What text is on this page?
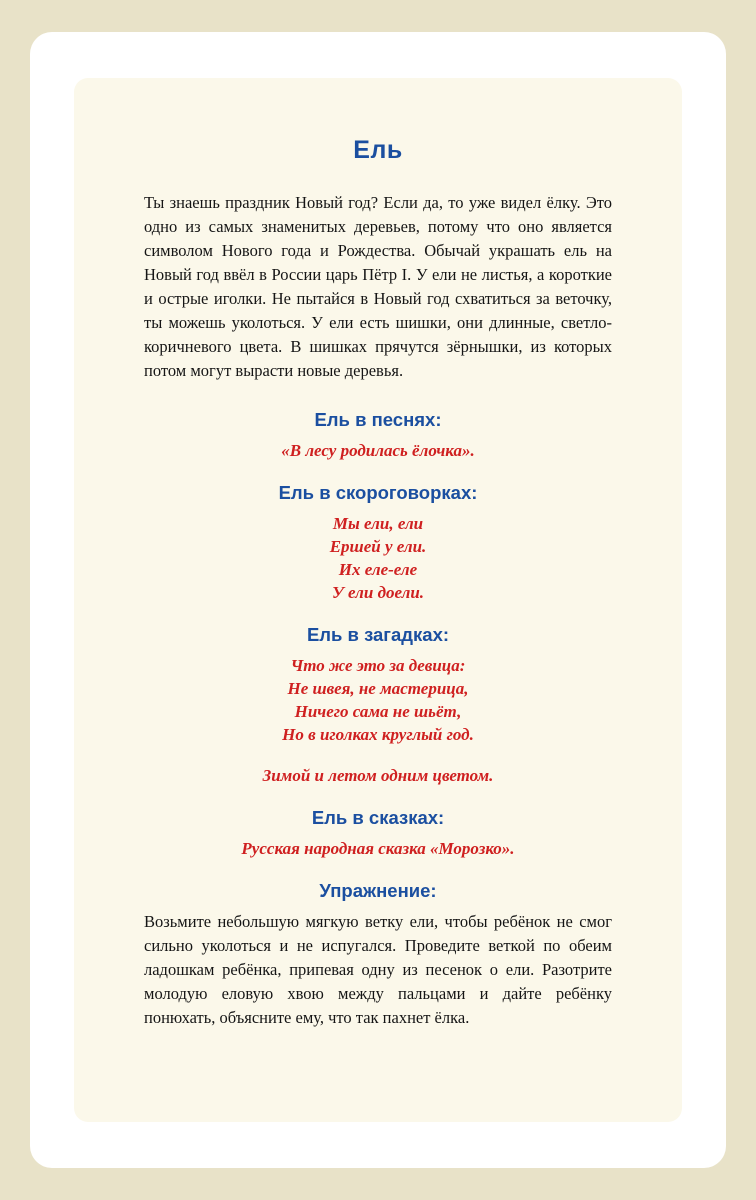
Ель

Ты знаешь праздник Новый год? Если да, то уже видел ёлку. Это одно из самых знаменитых деревьев, потому что оно является символом Нового года и Рождества. Обычай украшать ель на Новый год ввёл в России царь Пётр I. У ели не листья, а короткие и острые иголки. Не пытайся в Новый год схватиться за веточку, ты можешь уколоться. У ели есть шишки, они длинные, светло-коричневого цвета. В шишках прячутся зёрнышки, из которых потом могут вырасти новые деревья.

Ель в песнях:
«В лесу родилась ёлочка».
Ель в скороговорках:
Мы ели, ели
Ершей у ели.
Их еле-еле
У ели доели.
Ель в загадках:
Что же это за девица:
Не швея, не мастерица,
Ничего сама не шьёт,
Но в иголках круглый год.
Зимой и летом одним цветом.
Ель в сказках:
Русская народная сказка «Морозко».
Упражнение:

Возьмите небольшую мягкую ветку ели, чтобы ребёнок не смог сильно уколоться и не испугался. Проведите веткой по обеим ладошкам ребёнка, припевая одну из песенок о ели. Разотрите молодую еловую хвою между пальцами и дайте ребёнку понюхать, объясните ему, что так пахнет ёлка.
